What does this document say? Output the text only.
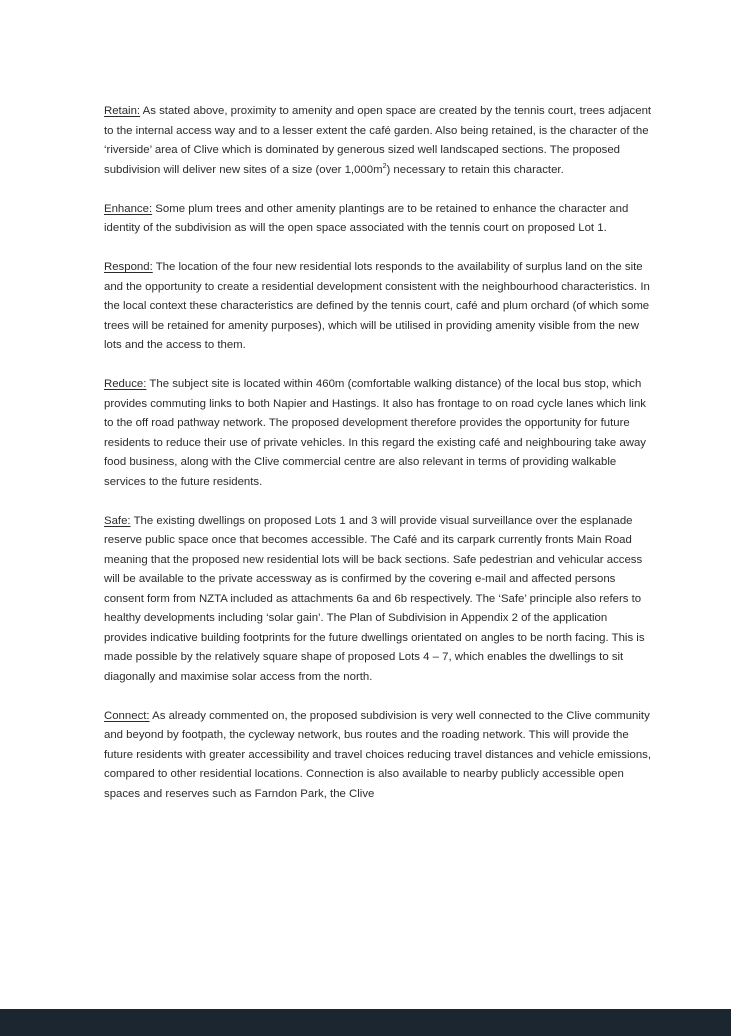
Retain: As stated above, proximity to amenity and open space are created by the tennis court, trees adjacent to the internal access way and to a lesser extent the café garden. Also being retained, is the character of the ‘riverside’ area of Clive which is dominated by generous sized well landscaped sections. The proposed subdivision will deliver new sites of a size (over $1,000m^2$) necessary to retain this character.

Enhance: Some plum trees and other amenity plantings are to be retained to enhance the character and identity of the subdivision as will the open space associated with the tennis court on proposed Lot 1.

Respond: The location of the four new residential lots responds to the availability of surplus land on the site and the opportunity to create a residential development consistent with the neighbourhood characteristics. In the local context these characteristics are defined by the tennis court, café and plum orchard (of which some trees will be retained for amenity purposes), which will be utilised in providing amenity visible from the new lots and the access to them.

Reduce: The subject site is located within 460m (comfortable walking distance) of the local bus stop, which provides commuting links to both Napier and Hastings. It also has frontage to on road cycle lanes which link to the off road pathway network. The proposed development therefore provides the opportunity for future residents to reduce their use of private vehicles. In this regard the existing café and neighbouring take away food business, along with the Clive commercial centre are also relevant in terms of providing walkable services to the future residents.

Safe: The existing dwellings on proposed Lots 1 and 3 will provide visual surveillance over the esplanade reserve public space once that becomes accessible. The Café and its carpark currently fronts Main Road meaning that the proposed new residential lots will be back sections. Safe pedestrian and vehicular access will be available to the private accessway as is confirmed by the covering e-mail and affected persons consent form from NZTA included as attachments 6a and 6b respectively. The ‘Safe’ principle also refers to healthy developments including ‘solar gain’. The Plan of Subdivision in Appendix 2 of the application provides indicative building footprints for the future dwellings orientated on angles to be north facing. This is made possible by the relatively square shape of proposed Lots 4 – 7, which enables the dwellings to sit diagonally and maximise solar access from the north.

Connect: As already commented on, the proposed subdivision is very well connected to the Clive community and beyond by footpath, the cycleway network, bus routes and the roading network. This will provide the future residents with greater accessibility and travel choices reducing travel distances and vehicle emissions, compared to other residential locations. Connection is also available to nearby publicly accessible open spaces and reserves such as Farndon Park, the Clive
